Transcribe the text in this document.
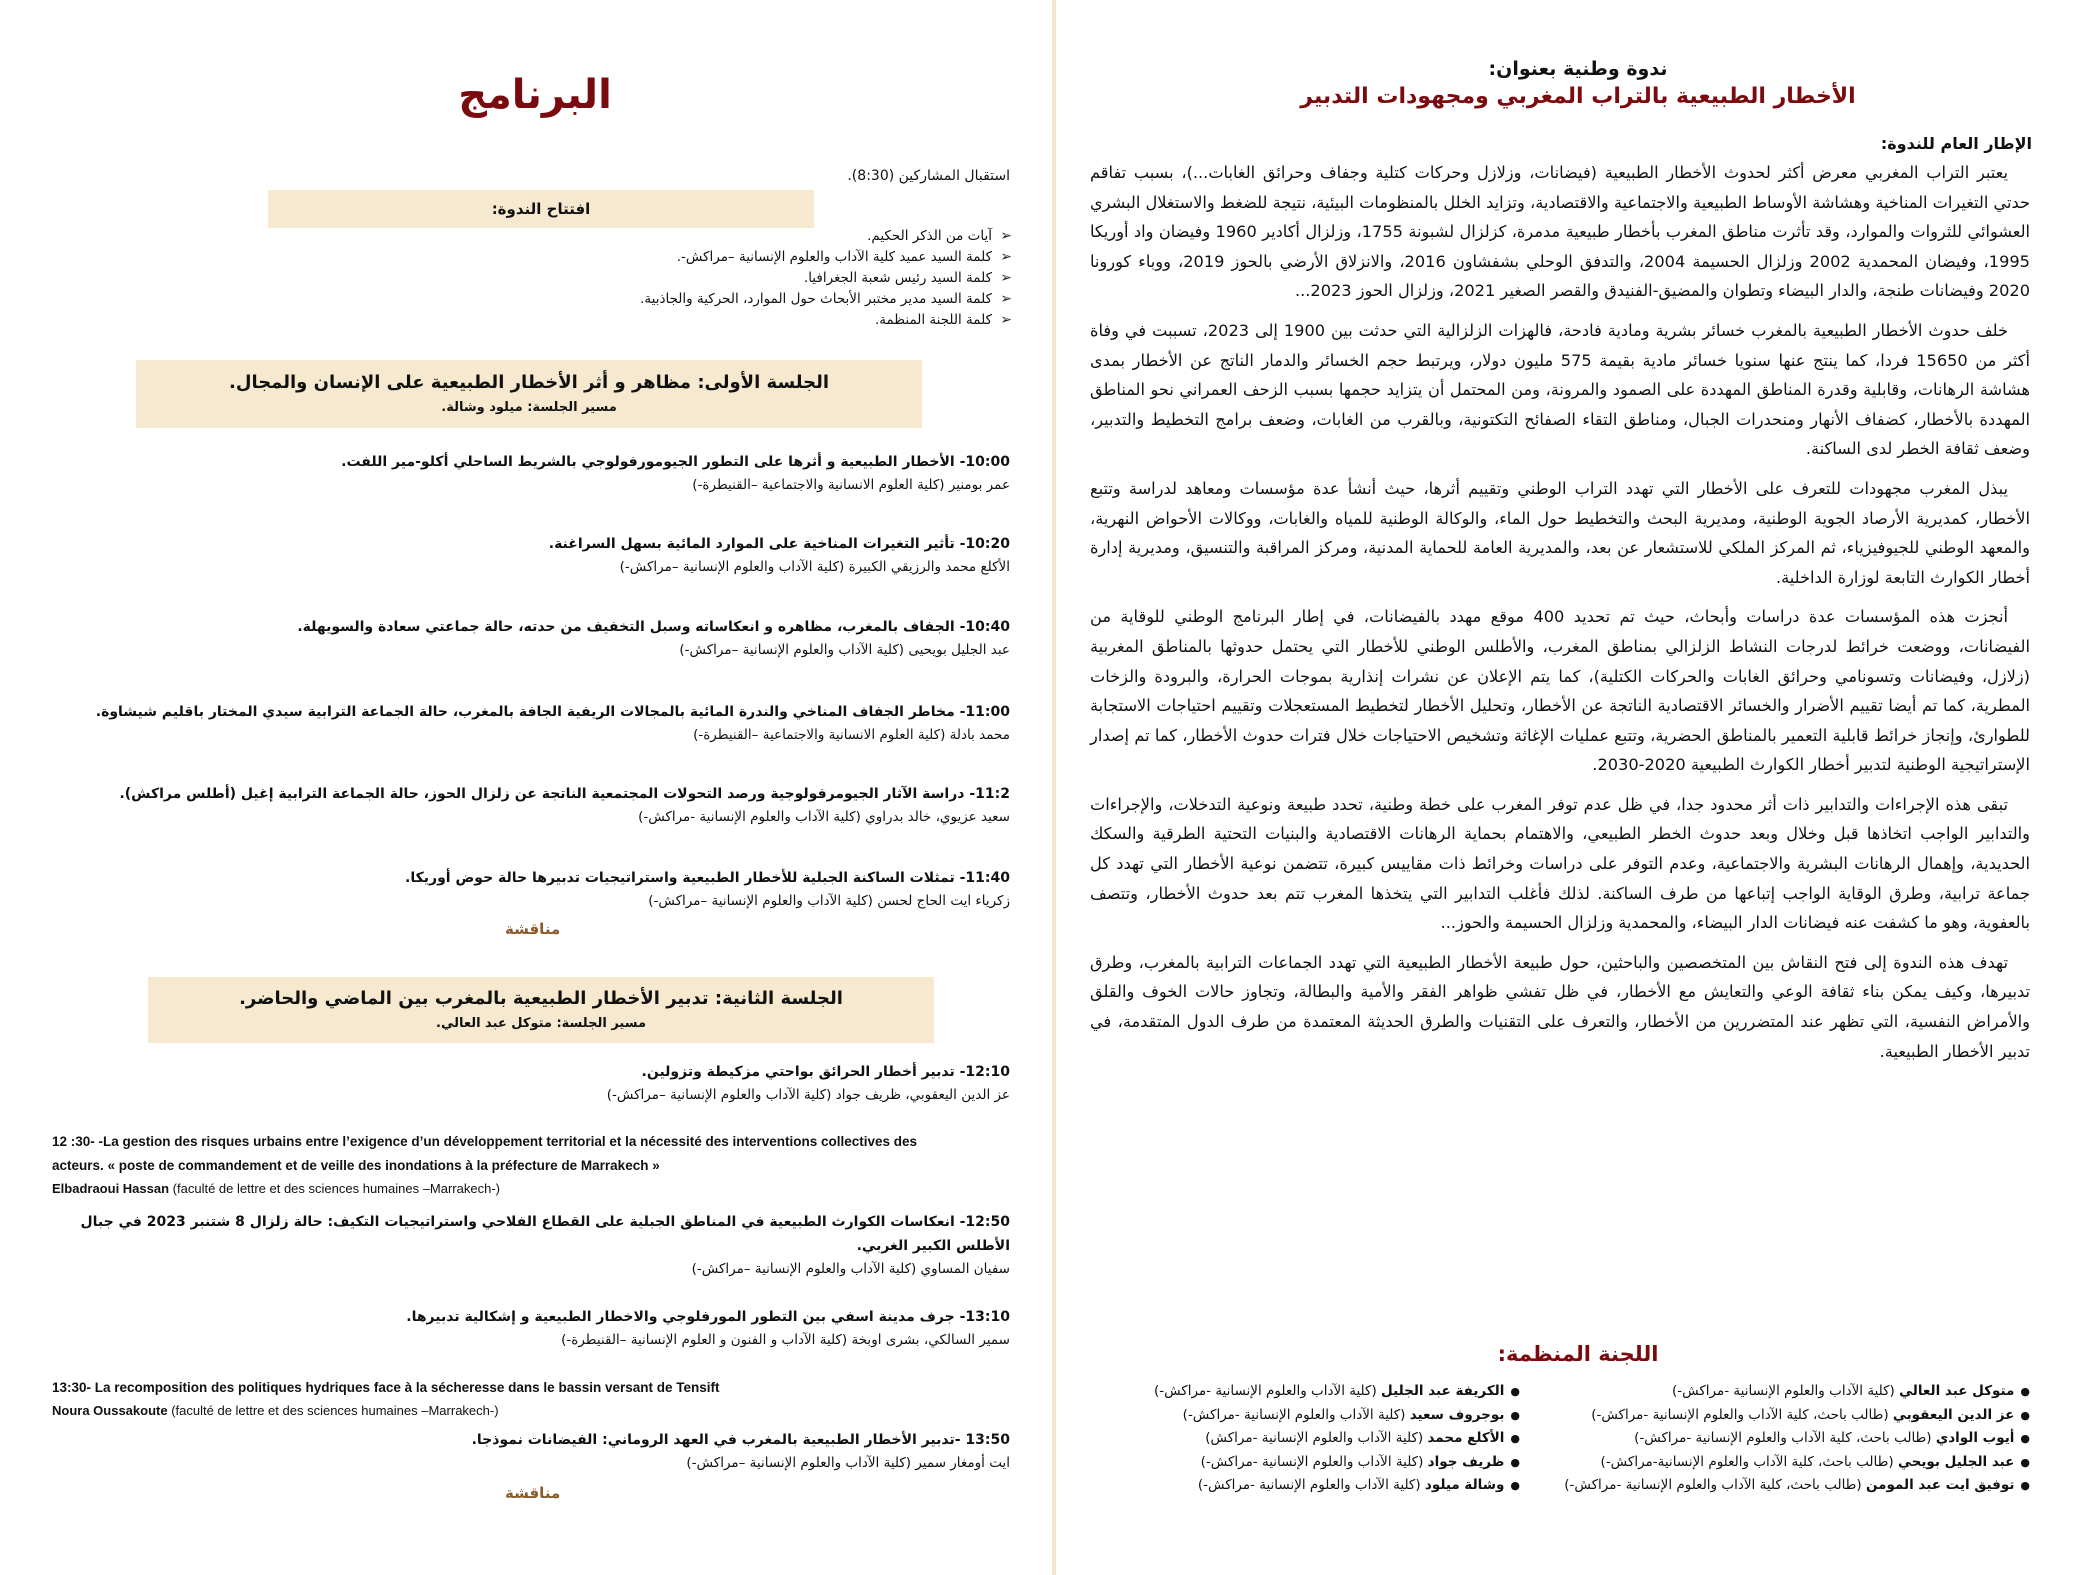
البرنامج
استقبال المشاركين (8:30).
افتتاح الندوة:
➢
آيات من الذكر الحكيم.
➢
كلمة السيد عميد كلية الآداب والعلوم الإنسانية –مراكش-.
➢
كلمة السيد رئيس شعبة الجغرافيا.
➢
كلمة السيد مدير مختبر الأبحاث حول الموارد، الحركية والجاذبية.
➢
كلمة اللجنة المنظمة.
الجلسة الأولى: مظاهر و أثر الأخطار الطبيعية على الإنسان والمجال.
مسير الجلسة: ميلود وشالة.
10:00- الأخطار الطبيعية و أثرها على التطور الجيومورفولوجي بالشريط الساحلي أكلو-مير اللفت.
عمر بومنير (كلية العلوم الانسانية والاجتماعية –القنيطرة-)
10:20- تأثير التغيرات المناخية على الموارد المائية بسهل السراغنة.
الأكلع محمد والرزيقي الكبيرة (كلية الآداب والعلوم الإنسانية –مراكش-)
10:40- الجفاف بالمغرب، مظاهره و انعكاساته وسبل التخفيف من حدته، حالة جماعتي سعادة والسويهلة.
عبد الجليل بويحيى (كلية الآداب والعلوم الإنسانية –مراكش-)
11:00- مخاطر الجفاف المناخي والندرة المائية بالمجالات الريفية الجافة بالمغرب، حالة الجماعة الترابية سيدي المختار باقليم شيشاوة.
محمد بادلة (كلية العلوم الانسانية والاجتماعية –القنيطرة-)
11:2- دراسة الآثار الجيومرفولوجية ورصد التحولات المجتمعية الناتجة عن زلزال الحوز، حالة الجماعة الترابية إغيل (أطلس مراكش).
سعيد عزيوي، خالد بدراوي (كلية الآداب والعلوم الإنسانية -مراكش-)
11:40- تمثلات الساكنة الجبلية للأخطار الطبيعية واستراتيجيات تدبيرها حالة حوض أوريكا.
زكرياء ايت الحاج لحسن (كلية الآداب والعلوم الإنسانية –مراكش-)
مناقشة
الجلسة الثانية: تدبير الأخطار الطبيعية بالمغرب بين الماضي والحاضر.
مسير الجلسة: متوكل عبد العالي.
12:10- تدبير أخطار الحرائق بواحتي مزكيطة وتزولين.
عز الدين اليعقوبي، ظريف جواد (كلية الآداب والعلوم الإنسانية –مراكش-)
12 :30- -La gestion des risques urbains entre l’exigence d’un développement territorial et la nécessité des interventions collectives des acteurs. « poste de commandement et de veille des inondations à la préfecture de Marrakech »
Elbadraoui Hassan (faculté de lettre et des sciences humaines –Marrakech-)
12:50- انعكاسات الكوارث الطبيعية في المناطق الجبلية على القطاع الفلاحي واستراتيجيات التكيف: حالة زلزال 8 شتنبر 2023 في جبال الأطلس الكبير الغربي.
سفيان المساوي (كلية الآداب والعلوم الإنسانية –مراكش-)
13:10- جرف مدينة اسفي بين التطور المورفلوجي والاخطار الطبيعية و إشكالية تدبيرها.
سمير السالكي، بشرى اوبخة (كلية الآداب و الفنون و العلوم الإنسانية –القنيطرة-)
13:30- La recomposition des politiques hydriques face à la sécheresse dans le bassin versant de Tensift
Noura Oussakoute (faculté de lettre et des sciences humaines –Marrakech-)
13:50 -تدبير الأخطار الطبيعية بالمغرب في العهد الروماني: الفيضانات نموذجا.
ايت أومغار سمير (كلية الآداب والعلوم الإنسانية –مراكش-)
مناقشة
ندوة وطنية بعنوان:
الأخطار الطبيعية بالتراب المغربي ومجهودات التدبير
الإطار العام للندوة:

يعتبر التراب المغربي معرض أكثر لحدوث الأخطار الطبيعية (فيضانات، وزلازل وحركات كتلية وجفاف وحرائق الغابات...)، بسبب تفاقم حدتي التغيرات المناخية وهشاشة الأوساط الطبيعية والاجتماعية والاقتصادية، وتزايد الخلل بالمنظومات البيئية، نتيجة للضغط والاستغلال البشري العشوائي للثروات والموارد، وقد تأثرت مناطق المغرب بأخطار طبيعية مدمرة، كزلزال لشبونة 1755، وزلزال أكادير 1960 وفيضان واد أوريكا 1995، وفيضان المحمدية 2002 وزلزال الحسيمة 2004، والتدفق الوحلي بشفشاون 2016، والانزلاق الأرضي بالحوز 2019، ووباء كورونا 2020 وفيضانات طنجة، والدار البيضاء وتطوان والمضيق-الفنيدق والقصر الصغير 2021، وزلزال الحوز 2023...

خلف حدوث الأخطار الطبيعية بالمغرب خسائر بشرية ومادية فادحة، فالهزات الزلزالية التي حدثت بين 1900 إلى 2023، تسببت في وفاة أكثر من 15650 فردا، كما ينتج عنها سنويا خسائر مادية بقيمة 575 مليون دولار، ويرتبط حجم الخسائر والدمار الناتج عن الأخطار بمدى هشاشة الرهانات، وقابلية وقدرة المناطق المهددة على الصمود والمرونة، ومن المحتمل أن يتزايد حجمها بسبب الزحف العمراني نحو المناطق المهددة بالأخطار، كضفاف الأنهار ومنحدرات الجبال، ومناطق التقاء الصفائح التكتونية، وبالقرب من الغابات، وضعف برامج التخطيط والتدبير، وضعف ثقافة الخطر لدى الساكنة.

يبذل المغرب مجهودات للتعرف على الأخطار التي تهدد التراب الوطني وتقييم أثرها، حيث أنشأ عدة مؤسسات ومعاهد لدراسة وتتبع الأخطار، كمديرية الأرصاد الجوية الوطنية، ومديرية البحث والتخطيط حول الماء، والوكالة الوطنية للمياه والغابات، ووكالات الأحواض النهرية، والمعهد الوطني للجيوفيزياء، ثم المركز الملكي للاستشعار عن بعد، والمديرية العامة للحماية المدنية، ومركز المراقبة والتنسيق، ومديرية إدارة أخطار الكوارث التابعة لوزارة الداخلية.

أنجزت هذه المؤسسات عدة دراسات وأبحاث، حيث تم تحديد 400 موقع مهدد بالفيضانات، في إطار البرنامج الوطني للوقاية من الفيضانات، ووضعت خرائط لدرجات النشاط الزلزالي بمناطق المغرب، والأطلس الوطني للأخطار التي يحتمل حدوثها بالمناطق المغربية (زلازل، وفيضانات وتسونامي وحرائق الغابات والحركات الكتلية)، كما يتم الإعلان عن نشرات إنذارية بموجات الحرارة، والبرودة والزخات المطرية، كما تم أيضا تقييم الأضرار والخسائر الاقتصادية الناتجة عن الأخطار، وتحليل الأخطار لتخطيط المستعجلات وتقييم احتياجات الاستجابة للطوارئ، وإنجاز خرائط قابلية التعمير بالمناطق الحضرية، وتتبع عمليات الإغاثة وتشخيص الاحتياجات خلال فترات حدوث الأخطار، كما تم إصدار الإستراتيجية الوطنية لتدبير أخطار الكوارث الطبيعية 2020-2030.

تبقى هذه الإجراءات والتدابير ذات أثر محدود جدا، في ظل عدم توفر المغرب على خطة وطنية، تحدد طبيعة ونوعية التدخلات، والإجراءات والتدابير الواجب اتخاذها قبل وخلال وبعد حدوث الخطر الطبيعي، والاهتمام بحماية الرهانات الاقتصادية والبنيات التحتية الطرقية والسكك الحديدية، وإهمال الرهانات البشرية والاجتماعية، وعدم التوفر على دراسات وخرائط ذات مقاييس كبيرة، تتضمن نوعية الأخطار التي تهدد كل جماعة ترابية، وطرق الوقاية الواجب إتباعها من طرف الساكنة. لذلك فأغلب التدابير التي يتخذها المغرب تتم بعد حدوث الأخطار، وتتصف بالعفوية، وهو ما كشفت عنه فيضانات الدار البيضاء، والمحمدية وزلزال الحسيمة والحوز...

تهدف هذه الندوة إلى فتح النقاش بين المتخصصين والباحثين، حول طبيعة الأخطار الطبيعية التي تهدد الجماعات الترابية بالمغرب، وطرق تدبيرها، وكيف يمكن بناء ثقافة الوعي والتعايش مع الأخطار، في ظل تفشي ظواهر الفقر والأمية والبطالة، وتجاوز حالات الخوف والقلق والأمراض النفسية، التي تظهر عند المتضررين من الأخطار، والتعرف على التقنيات والطرق الحديثة المعتمدة من طرف الدول المتقدمة، في تدبير الأخطار الطبيعية.

اللجنة المنظمة:
●
الكريفة عبد الجليل (كلية الآداب والعلوم الإنسانية -مراكش-)
●
بوجروف سعيد (كلية الآداب والعلوم الإنسانية -مراكش-)
●
الأكلع محمد (كلية الآداب والعلوم الإنسانية -مراكش)
●
ظريف جواد (كلية الآداب والعلوم الإنسانية -مراكش-)
●
وشالة ميلود (كلية الآداب والعلوم الإنسانية -مراكش-)
●
متوكل عبد العالي (كلية الآداب والعلوم الإنسانية -مراكش-)
●
عز الدين اليعقوبي (طالب باحث، كلية الآداب والعلوم الإنسانية -مراكش-)
●
أيوب الوادي (طالب باحث، كلية الآداب والعلوم الإنسانية -مراكش-)
●
عبد الجليل بويحي (طالب باحث، كلية الآداب والعلوم الإنسانية-مراكش-)
●
توفيق ايت عبد المومن (طالب باحث، كلية الآداب والعلوم الإنسانية -مراكش-)
